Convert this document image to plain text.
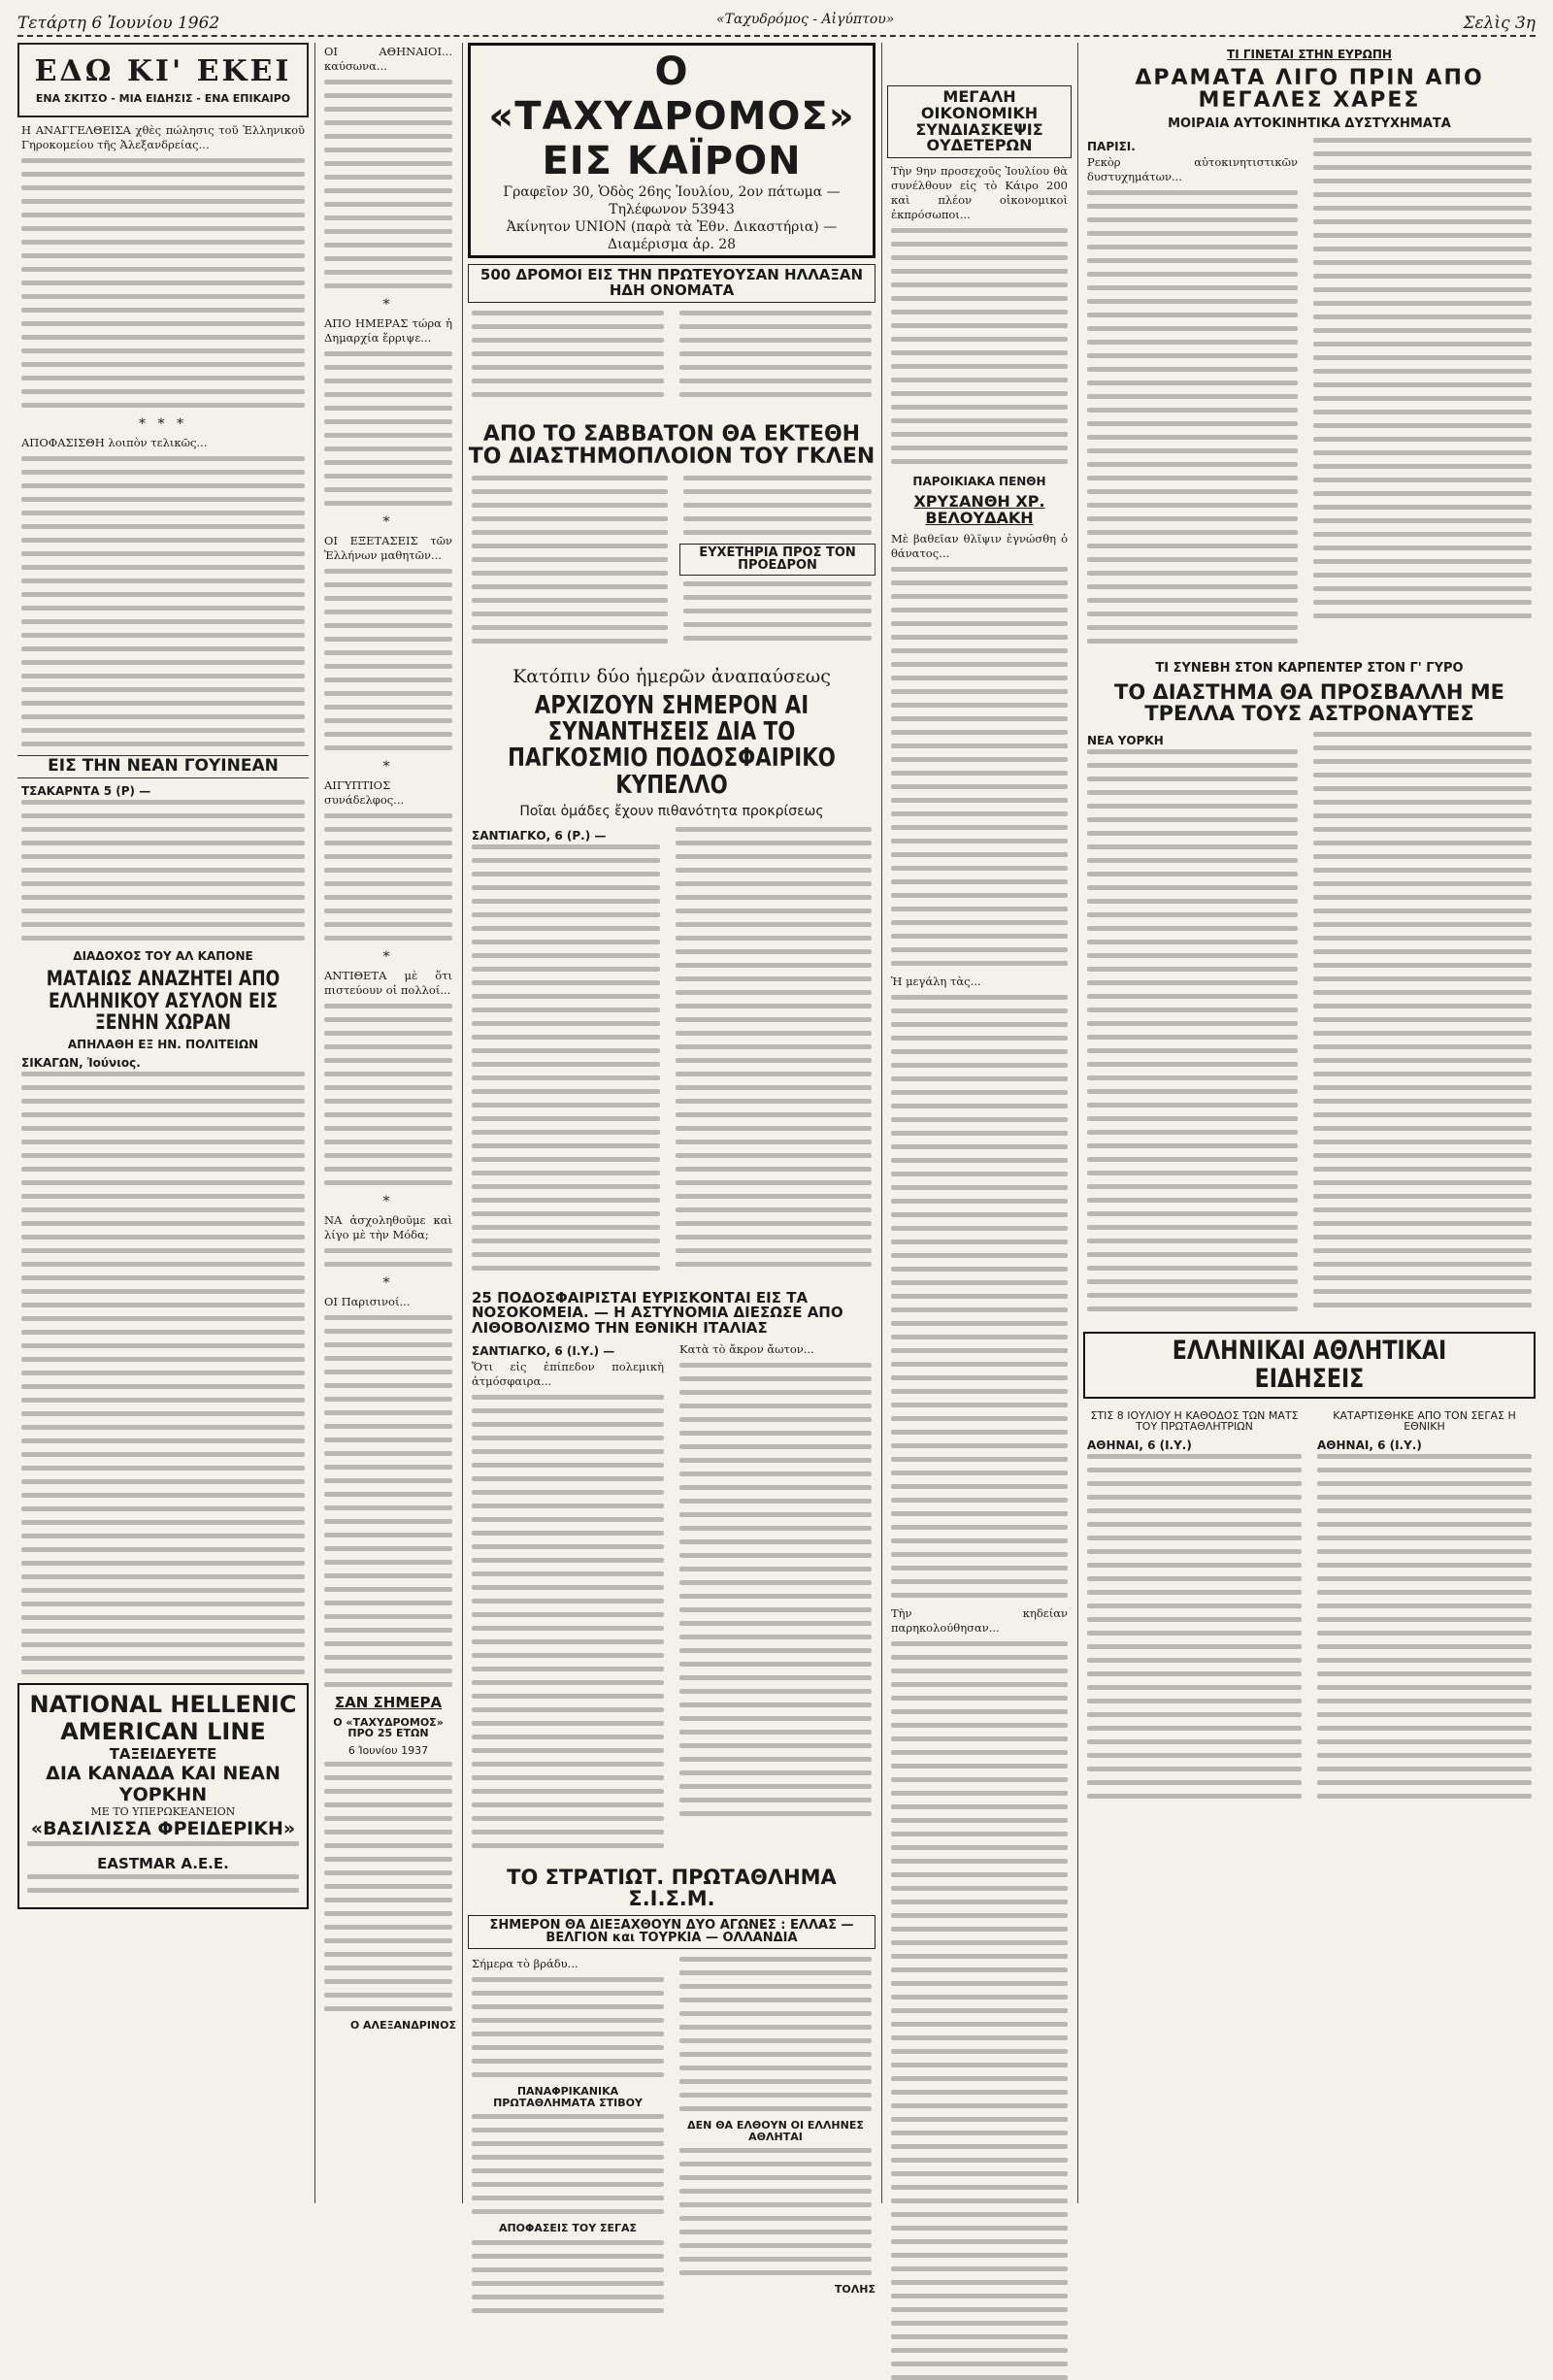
Τετάρτη 6 Ἰουνίου 1962	«Ταχυδρόμος - Αἰγύπτου»	Σελὶς 3η
ΕΔΩ ΚΙ' ΕΚΕΙ
ΕΝΑ ΣΚΙΤΣΟ - ΜΙΑ ΕΙΔΗΣΙΣ - ΕΝΑ ΕΠΙΚΑΙΡΟ
Η ΑΝΑΓΓΕΛΘΕΙΣΑ χθὲς πώλησις τοῦ Ἑλληνικοῦ Γηροκομείου τῆς Ἀλεξανδρείας...
* * *
ΑΠΟΦΑΣΙΣΘΗ λοιπὸν τελικῶς...
ΕΙΣ ΤΗΝ ΝΕΑΝ ΓΟΥΙΝΕΑΝ
ΤΣΑΚΑΡΝΤΑ 5 (Ρ) —
ΔΙΑΔΟΧΟΣ ΤΟΥ ΑΛ ΚΑΠΟΝΕ
ΜΑΤΑΙΩΣ ΑΝΑΖΗΤΕΙ ΑΠΟ ΕΛΛΗΝΙΚΟΥ ΑΣΥΛΟΝ ΕΙΣ ΞΕΝΗΝ ΧΩΡΑΝ
ΑΠΗΛΑΘΗ ΕΞ ΗΝ. ΠΟΛΙΤΕΙΩΝ
ΣΙΚΑΓΩΝ, Ἰούνιος.
NATIONAL HELLENIC AMERICAN LINE
ΤΑΞΕΙΔΕΥΕΤΕ
ΔΙΑ ΚΑΝΑΔΑ ΚΑΙ ΝΕΑΝ ΥΟΡΚΗΝ
ΜΕ ΤΟ ΥΠΕΡΩΚΕΑΝΕΙΟΝ
«ΒΑΣΙΛΙΣΣΑ ΦΡΕΙΔΕΡΙΚΗ»
EASTMAR A.E.E.
ΟΙ ΑΘΗΝΑΙΟΙ... καύσωνα...
*
ΑΠΟ ΗΜΕΡΑΣ τώρα ἡ Δημαρχία ἔρριψε...
*
ΟΙ ΕΞΕΤΑΣΕΙΣ τῶν Ἑλλήνων μαθητῶν...
*
ΑΙΓΥΠΤΙΟΣ συνάδελφος...
*
ΑΝΤΙΘΕΤΑ μὲ ὅτι πιστεύουν οἱ πολλοί...
*
ΝΑ ἀσχοληθοῦμε καὶ λίγο μὲ τὴν Μόδα;
*
ΟΙ Παρισινοί...
ΣΑΝ ΣΗΜΕΡΑ
Ο «ΤΑΧΥΔΡΟΜΟΣ» ΠΡΟ 25 ΕΤΩΝ
6 Ἰουνίου 1937
Ο ΑΛΕΞΑΝΔΡΙΝΟΣ
Ο «ΤΑΧΥΔΡΟΜΟΣ» ΕΙΣ ΚΑΪΡΟΝ
Γραφεῖον 30, Ὁδὸς 26ης Ἰουλίου, 2ον πάτωμα — Τηλέφωνον 53943
Ἀκίνητον UNION (παρὰ τὰ Ἐθν. Δικαστήρια) — Διαμέρισμα ἀρ. 28
500 ΔΡΟΜΟΙ ΕΙΣ ΤΗΝ ΠΡΩΤΕΥΟΥΣΑΝ ΗΛΛΑΞΑΝ ΗΔΗ ΟΝΟΜΑΤΑ
ΑΠΟ ΤΟ ΣΑΒΒΑΤΟΝ ΘΑ ΕΚΤΕΘΗ ΤΟ ΔΙΑΣΤΗΜΟΠΛΟΙΟΝ ΤΟΥ ΓΚΛΕΝ
ΕΥΧΕΤΗΡΙΑ ΠΡΟΣ ΤΟΝ ΠΡΟΕΔΡΟΝ
Κατόπιν δύο ἡμερῶν ἀναπαύσεως
ΑΡΧΙΖΟΥΝ ΣΗΜΕΡΟΝ ΑΙ ΣΥΝΑΝΤΗΣΕΙΣ ΔΙΑ ΤΟ ΠΑΓΚΟΣΜΙΟ ΠΟΔΟΣΦΑΙΡΙΚΟ ΚΥΠΕΛΛΟ
Ποῖαι ὁμάδες ἔχουν πιθανότητα προκρίσεως
ΣΑΝΤΙΑΓΚΟ, 6 (Ρ.) —
25 ΠΟΔΟΣΦΑΙΡΙΣΤΑΙ ΕΥΡΙΣΚΟΝΤΑΙ ΕΙΣ ΤΑ ΝΟΣΟΚΟΜΕΙΑ. — Η ΑΣΤΥΝΟΜΙΑ ΔΙΕΣΩΣΕ ΑΠΟ ΛΙΘΟΒΟΛΙΣΜΟ ΤΗΝ ΕΘΝΙΚΗ ΙΤΑΛΙΑΣ
ΣΑΝΤΙΑΓΚΟ, 6 (Ι.Υ.) —
Ὅτι εἰς ἐπίπεδον πολεμικὴ ἀτμόσφαιρα...
Κατὰ τὸ ἄκρον ἄωτον...
ΤΟ ΣΤΡΑΤΙΩΤ. ΠΡΩΤΑΘΛΗΜΑ Σ.Ι.Σ.Μ.
ΣΗΜΕΡΟΝ ΘΑ ΔΙΕΞΑΧΘΟΥΝ ΔΥΟ ΑΓΩΝΕΣ : ΕΛΛΑΣ — ΒΕΛΓΙΟΝ και ΤΟΥΡΚΙΑ — ΟΛΛΑΝΔΙΑ
Σήμερα τὸ βράδυ...
ΠΑΝΑΦΡΙΚΑΝΙΚΑ ΠΡΩΤΑΘΛΗΜΑΤΑ ΣΤΙΒΟΥ
ΑΠΟΦΑΣΕΙΣ ΤΟΥ ΣΕΓΑΣ
ΔΕΝ ΘΑ ΕΛΘΟΥΝ ΟΙ ΕΛΛΗΝΕΣ ΑΘΛΗΤΑΙ
ΤΟΛΗΣ
ΜΕΓΑΛΗ ΟΙΚΟΝΟΜΙΚΗ ΣΥΝΔΙΑΣΚΕΨΙΣ ΟΥΔΕΤΕΡΩΝ
Τὴν 9ην προσεχοῦς Ἰουλίου θὰ συνέλθουν εἰς τὸ Κάιρο 200 καὶ πλέον οἰκονομικοὶ ἐκπρόσωποι...
ΠΑΡΟΙΚΙΑΚΑ ΠΕΝΘΗ
ΧΡΥΣΑΝΘΗ ΧΡ. ΒΕΛΟΥΔΑΚΗ
Μὲ βαθεῖαν θλῖψιν ἐγνώσθη ὁ θάνατος...
Ἡ μεγάλη τὰς...
Τὴν κηδείαν παρηκολούθησαν...
ΤΙ ΓΙΝΕΤΑΙ ΣΤΗΝ ΕΥΡΩΠΗ
ΔΡΑΜΑΤΑ ΛΙΓΟ ΠΡΙΝ ΑΠΟ ΜΕΓΑΛΕΣ ΧΑΡΕΣ
ΜΟΙΡΑΙΑ ΑΥΤΟΚΙΝΗΤΙΚΑ ΔΥΣΤΥΧΗΜΑΤΑ
ΠΑΡΙΣΙ.
Ρεκὸρ αὐτοκινητιστικῶν δυστυχημάτων...
ΤΙ ΣΥΝΕΒΗ ΣΤΟΝ ΚΑΡΠΕΝΤΕΡ ΣΤΟΝ Γ' ΓΥΡΟ
ΤΟ ΔΙΑΣΤΗΜΑ ΘΑ ΠΡΟΣΒΑΛΛΗ ΜΕ ΤΡΕΛΛΑ ΤΟΥΣ ΑΣΤΡΟΝΑΥΤΕΣ
ΝΕΑ ΥΟΡΚΗ
ΕΛΛΗΝΙΚΑΙ ΑΘΛΗΤΙΚΑΙ ΕΙΔΗΣΕΙΣ
ΣΤΙΣ 8 ΙΟΥΛΙΟΥ Η ΚΑΘΟΔΟΣ ΤΩΝ ΜΑΤΣ ΤΟΥ ΠΡΩΤΑΘΛΗΤΡΙΩΝ
ΑΘΗΝΑΙ, 6 (Ι.Υ.)
ΚΑΤΑΡΤΙΣΘΗΚΕ ΑΠΟ ΤΟΝ ΣΕΓΑΣ Η ΕΘΝΙΚΗ
ΑΘΗΝΑΙ, 6 (Ι.Υ.)
